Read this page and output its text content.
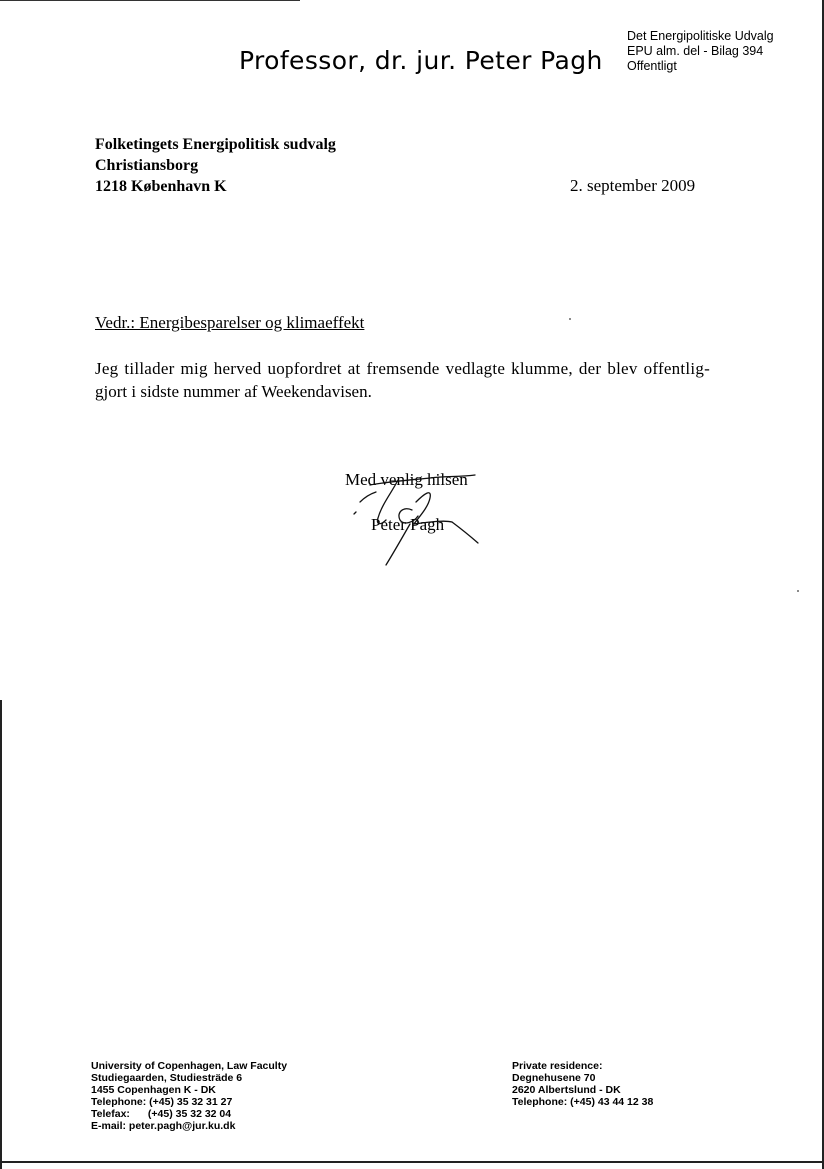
Professor, dr. jur. Peter Pagh
Det Energipolitiske Udvalg
EPU alm. del - Bilag 394
Offentligt
Folketingets Energipolitisk sudvalg
Christiansborg
1218 København K	2. september 2009
Vedr.: Energibesparelser og klimaeffekt

Jeg tillader mig herved uopfordret at fremsende vedlagte klumme, der blev offentlig-
gjort i sidste nummer af Weekendavisen.

Med venlig hilsen
Peter Pagh
University of Copenhagen, Law Faculty
Studiegaarden, Studiesträde 6
1455 Copenhagen K - DK
Telephone: (+45) 35 32 31 27
Telefax: (+45) 35 32 32 04
E-mail: peter.pagh@jur.ku.dk
Private residence:
Degnehusene 70
2620 Albertslund - DK
Telephone: (+45) 43 44 12 38
